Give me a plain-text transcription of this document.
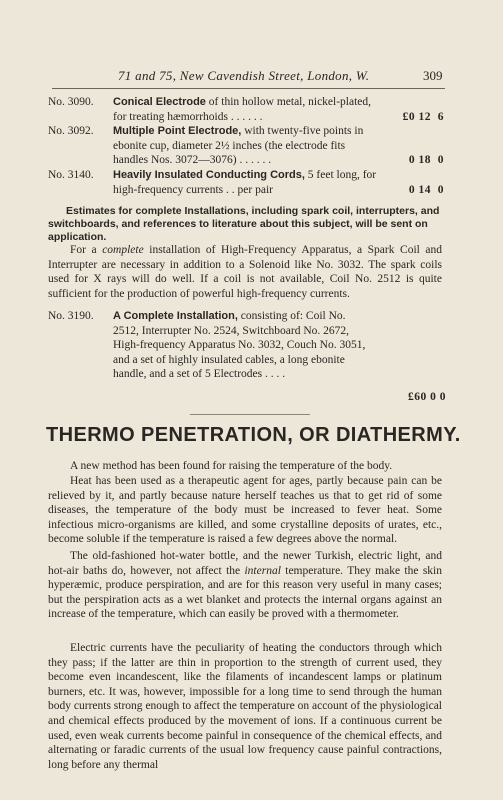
71 and 75, New Cavendish Street, London, W.	309
No. 3090.	Conical Electrode of thin hollow metal, nickel-plated, for treating hæmorrhoids . . . . . .	£0 12  6
No. 3092.	Multiple Point Electrode, with twenty-five points in ebonite cup, diameter 2½ inches (the electrode fits handles Nos. 3072—3076) . . . . . .	0 18  0
No. 3140.	Heavily Insulated Conducting Cords, 5 feet long, for high-frequency currents . . per pair	0 14  0
Estimates for complete Installations, including spark coil, interrupters, and switchboards, and references to literature about this subject, will be sent on application.
For a complete installation of High-Frequency Apparatus, a Spark Coil and Interrupter are necessary in addition to a Solenoid like No. 3032. The spark coils used for X rays will do well. If a coil is not available, Coil No. 2512 is quite sufficient for the production of powerful high-frequency currents.
No. 3190. A Complete Installation, consisting of: Coil No. 2512, Interrupter No. 2524, Switchboard No. 2672, High-frequency Apparatus No. 3032, Couch No. 3051, and a set of highly insulated cables, a long ebonite handle, and a set of 5 Electrodes . . . .
£60 0 0
THERMO PENETRATION, OR DIATHERMY.
A new method has been found for raising the temperature of the body.
Heat has been used as a therapeutic agent for ages, partly because pain can be relieved by it, and partly because nature herself teaches us that to get rid of some diseases, the temperature of the body must be increased to fever heat. Some infectious micro-organisms are killed, and some crystalline deposits of urates, etc., become soluble if the temperature is raised a few degrees above the normal.
The old-fashioned hot-water bottle, and the newer Turkish, electric light, and hot-air baths do, however, not affect the internal temperature. They make the skin hyperæmic, produce perspiration, and are for this reason very useful in many cases; but the perspiration acts as a wet blanket and protects the internal organs against an increase of the temperature, which can easily be proved with a thermometer.
Electric currents have the peculiarity of heating the conductors through which they pass; if the latter are thin in proportion to the strength of current used, they become even incandescent, like the filaments of incandescent lamps or platinum burners, etc. It was, however, impossible for a long time to send through the human body currents strong enough to affect the temperature on account of the physiological and chemical effects produced by the movement of ions. If a continuous current be used, even weak currents become painful in consequence of the chemical effects, and alternating or faradic currents of the usual low frequency cause painful contractions, long before any thermal
